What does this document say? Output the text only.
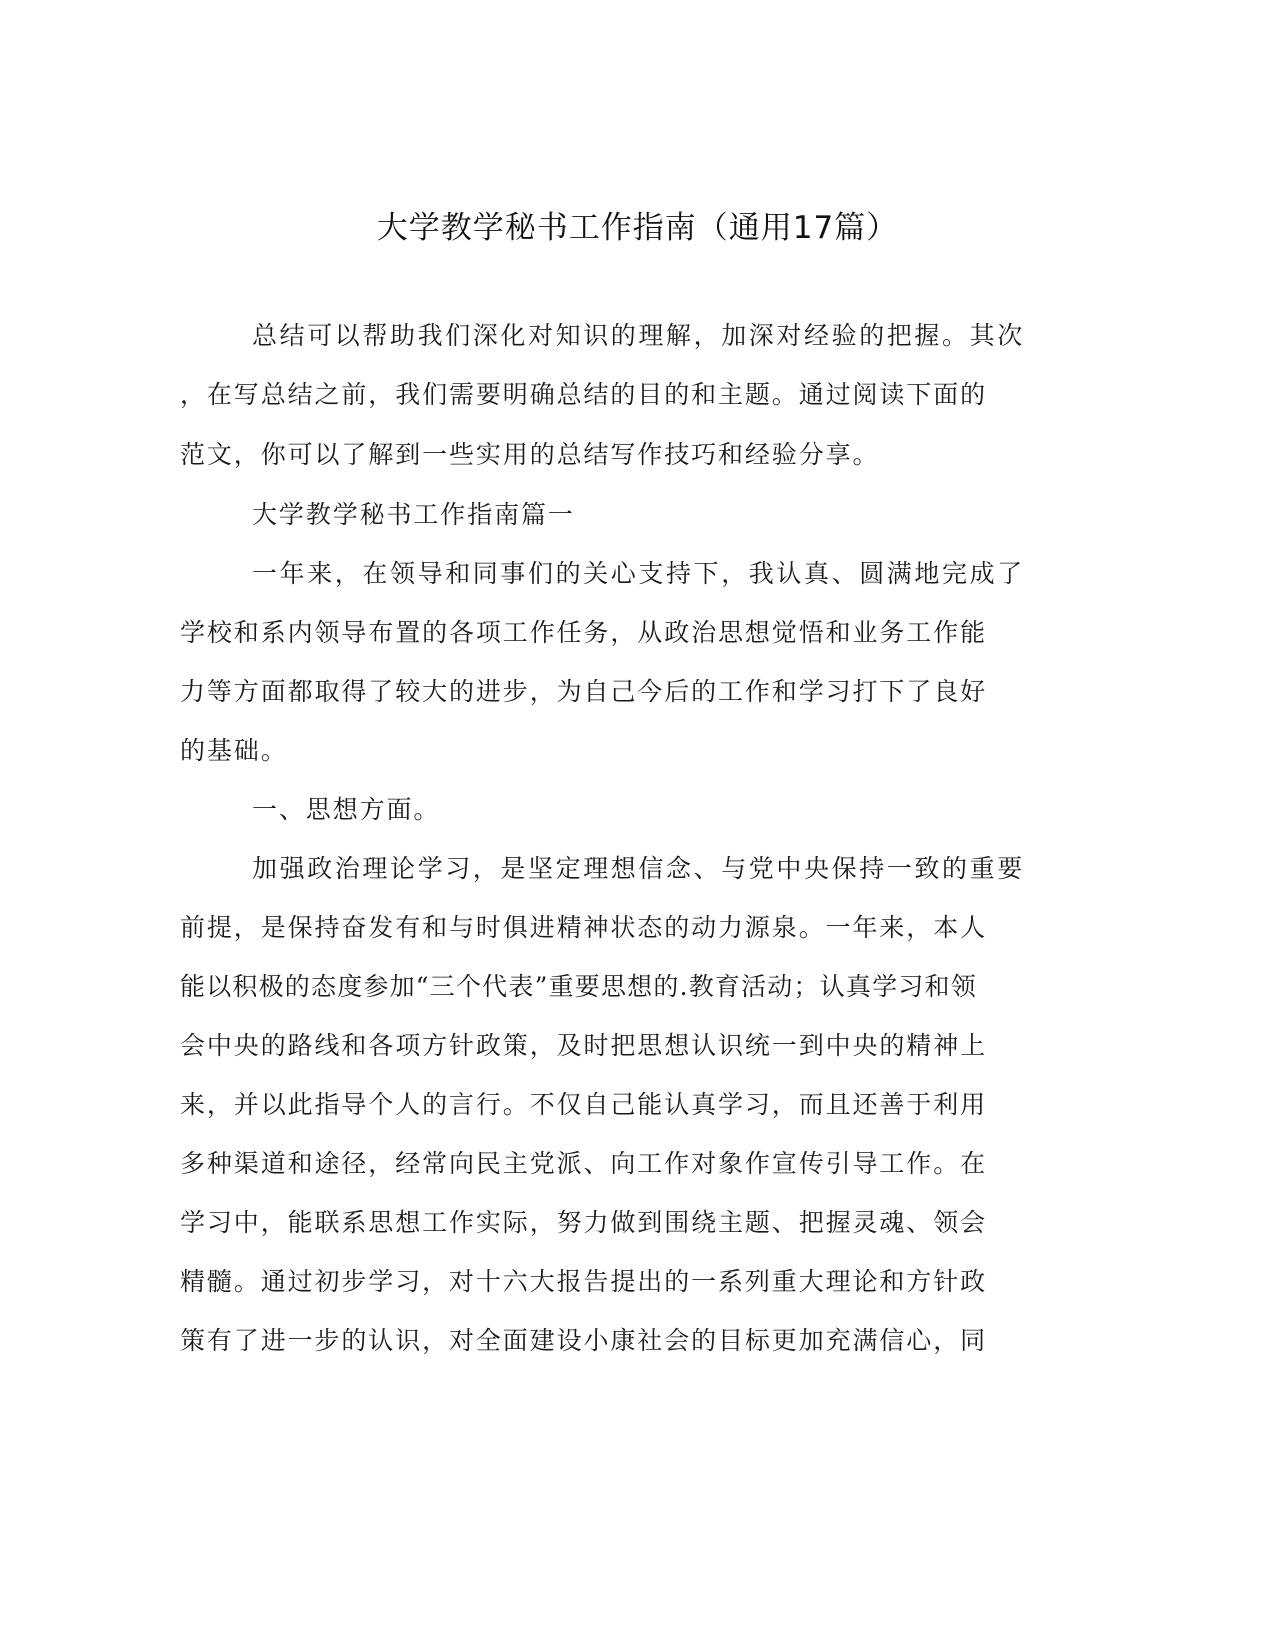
大学教学秘书工作指南（通用17篇）
总结可以帮助我们深化对知识的理解，加深对经验的把握。其次
，在写总结之前，我们需要明确总结的目的和主题。通过阅读下面的
范文，你可以了解到一些实用的总结写作技巧和经验分享。
大学教学秘书工作指南篇一
一年来，在领导和同事们的关心支持下，我认真、圆满地完成了
学校和系内领导布置的各项工作任务，从政治思想觉悟和业务工作能
力等方面都取得了较大的进步，为自己今后的工作和学习打下了良好
的基础。
一、思想方面。
加强政治理论学习，是坚定理想信念、与党中央保持一致的重要
前提，是保持奋发有和与时俱进精神状态的动力源泉。一年来，本人
能以积极的态度参加“三个代表”重要思想的.教育活动；认真学习和领
会中央的路线和各项方针政策，及时把思想认识统一到中央的精神上
来，并以此指导个人的言行。不仅自己能认真学习，而且还善于利用
多种渠道和途径，经常向民主党派、向工作对象作宣传引导工作。在
学习中，能联系思想工作实际，努力做到围绕主题、把握灵魂、领会
精髓。通过初步学习，对十六大报告提出的一系列重大理论和方针政
策有了进一步的认识，对全面建设小康社会的目标更加充满信心，同
